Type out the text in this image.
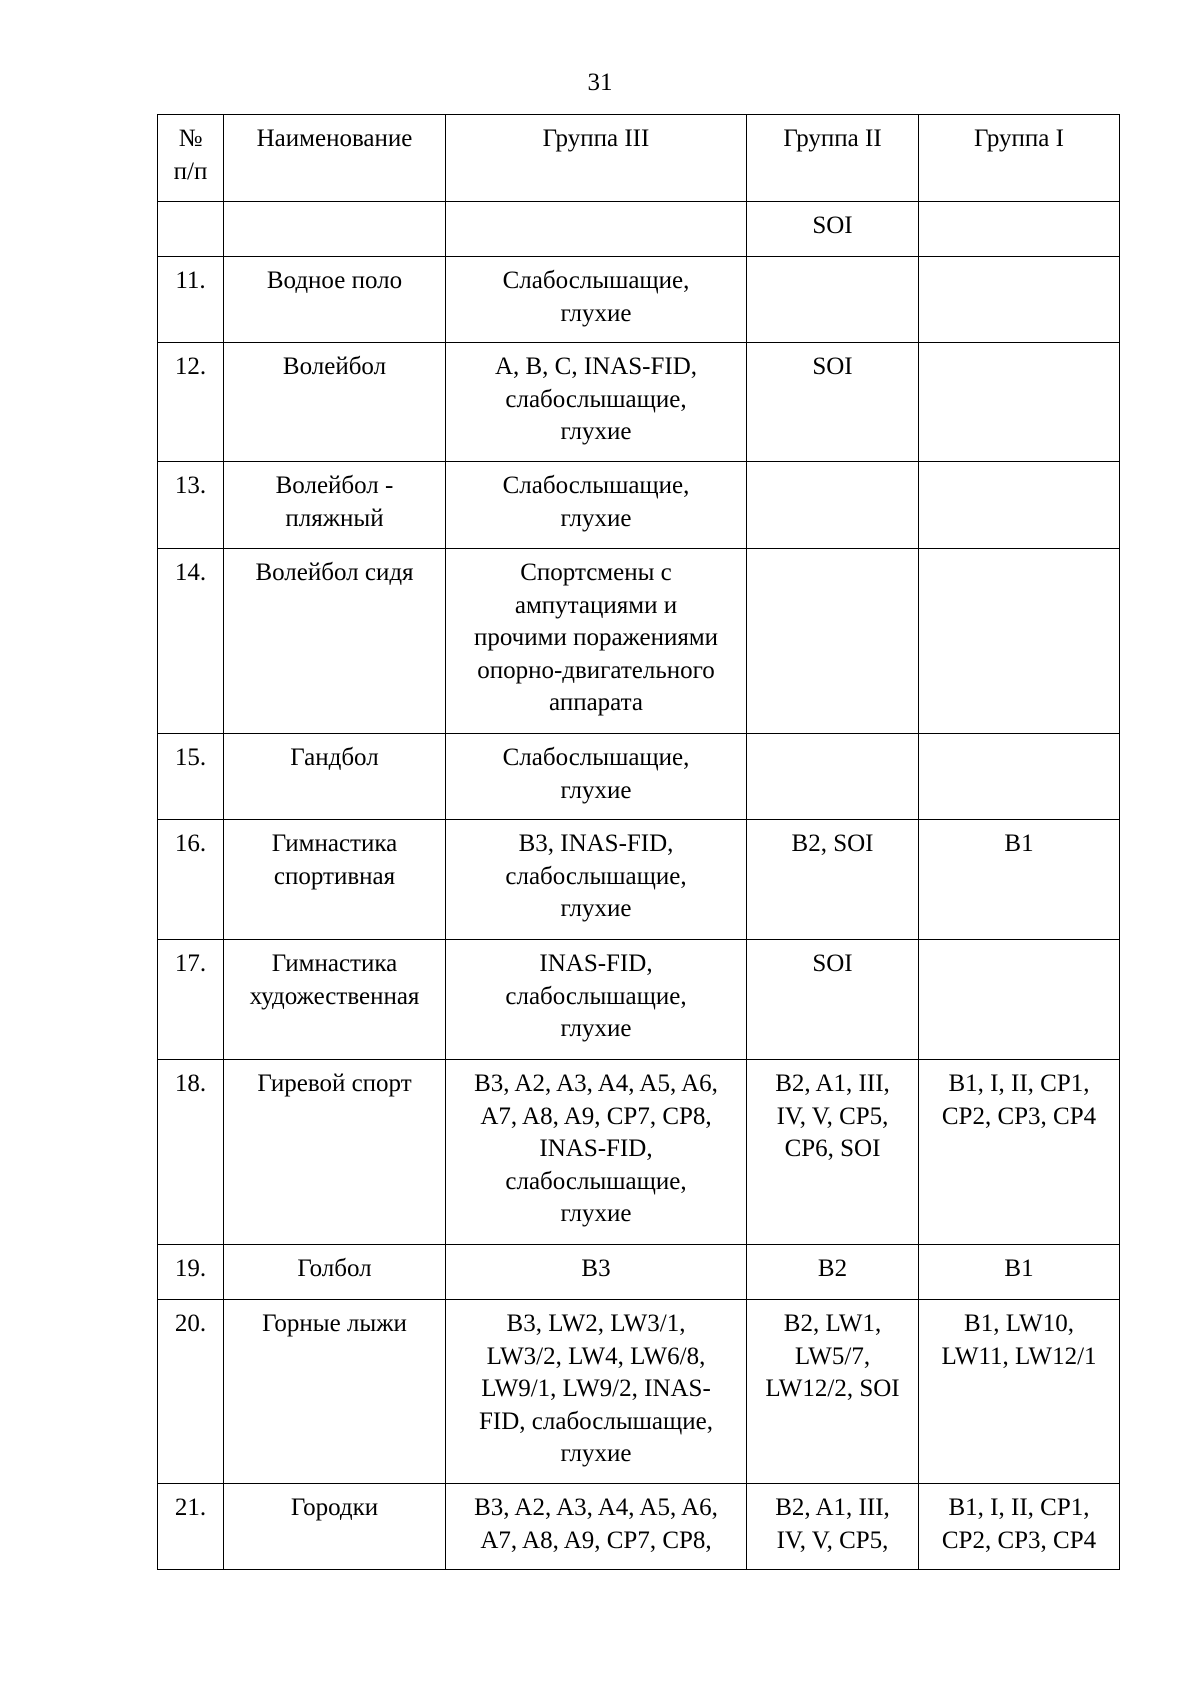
31
№
п/п	Наименование	Группа III	Группа II	Группа I
			SOI	
11.	Водное поло	Слабослышащие,
глухие		
12.	Волейбол	A, B, C, INAS-FID,
слабослышащие,
глухие	SOI	
13.	Волейбол -
пляжный	Слабослышащие,
глухие		
14.	Волейбол сидя	Спортсмены с
ампутациями и
прочими поражениями
опорно-двигательного
аппарата		
15.	Гандбол	Слабослышащие,
глухие		
16.	Гимнастика
спортивная	B3, INAS-FID,
слабослышащие,
глухие	B2, SOI	B1
17.	Гимнастика
художественная	INAS-FID,
слабослышащие,
глухие	SOI	
18.	Гиревой спорт	B3, A2, A3, A4, A5, A6,
A7, A8, A9, CP7, CP8,
INAS-FID,
слабослышащие,
глухие	B2, A1, III,
IV, V, CP5,
CP6, SOI	B1, I, II, CP1,
CP2, CP3, CP4
19.	Голбол	B3	B2	B1
20.	Горные лыжи	B3, LW2, LW3/1,
LW3/2, LW4, LW6/8,
LW9/1, LW9/2, INAS-
FID, слабослышащие,
глухие	B2, LW1,
LW5/7,
LW12/2, SOI	B1, LW10,
LW11, LW12/1
21.	Городки	B3, A2, A3, A4, A5, A6,
A7, A8, A9, CP7, CP8,	B2, A1, III,
IV, V, CP5,	B1, I, II, CP1,
CP2, CP3, CP4
